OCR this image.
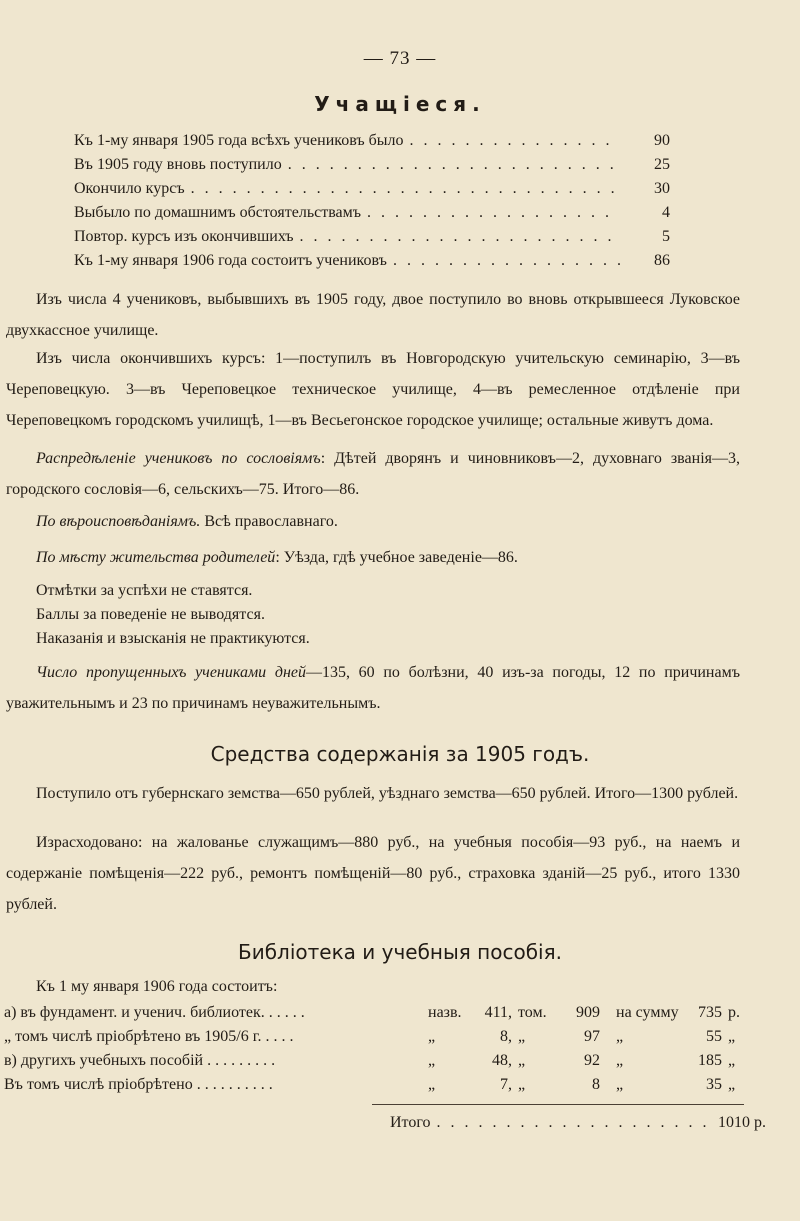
— 73 —
Учащіеся.
Къ 1-му января 1905 года всѣхъ учениковъ было . . .	90
Въ 1905 году вновь поступило . . .	25
Окончило курсъ . . .	30
Выбыло по домашнимъ обстоятельствамъ . . .	4
Повтор. курсъ изъ окончившихъ . . .	5
Къ 1-му января 1906 года состоитъ учениковъ . . .	86
Изъ числа 4 учениковъ, выбывшихъ въ 1905 году, двое поступило во вновь открывшееся Луковское двухкассное училище.
Изъ числа окончившихъ курсъ: 1—поступилъ въ Новгородскую учительскую семинарію, 3—въ Череповецкую. 3—въ Череповецкое техническое училище, 4—въ ремесленное отдѣленіе при Череповецкомъ городскомъ училищѣ, 1—въ Весьегонское городское училище; остальные живутъ дома.
Распредѣленіе учениковъ по сословіямъ: Дѣтей дворянъ и чиновниковъ—2, духовнаго званія—3, городского сословія—6, сельскихъ—75. Итого—86.
По вѣроисповѣданіямъ. Всѣ православнаго.
По мѣсту жительства родителей: Уѣзда, гдѣ учебное заведеніе—86.
Отмѣтки за успѣхи не ставятся.
Баллы за поведеніе не выводятся.
Наказанія и взысканія не практикуются.
Число пропущенныхъ учениками дней—135, 60 по болѣзни, 40 изъ-за погоды, 12 по причинамъ уважительнымъ и 23 по причинамъ неуважительнымъ.
Средства содержанія за 1905 годъ.
Поступило отъ губернскаго земства—650 рублей, уѣзднаго земства—650 рублей. Итого—1300 рублей.
Израсходовано: на жалованье служащимъ—880 руб., на учебныя пособія—93 руб., на наемъ и содержаніе помѣщенія—222 руб., ремонтъ помѣщеній—80 руб., страховка зданій—25 руб., итого 1330 рублей.
Библіотека и учебныя пособія.
Къ 1 му января 1906 года состоитъ:
а) въ фундамент. и ученич. библиотек. . . . . .	назв.	411, том.	909 на сумму	735 р.
„ томъ числѣ пріобрѣтено въ 1905/6 г. . . . .	„	8, „	97 „	55 „
в) другихъ учебныхъ пособій . . . . . . . . .	„	48, „	92 „	185 „
Въ томъ числѣ пріобрѣтено . . . . . . . . . .	„	7, „	8 „	35 „
Итого . . .	1010 р.
